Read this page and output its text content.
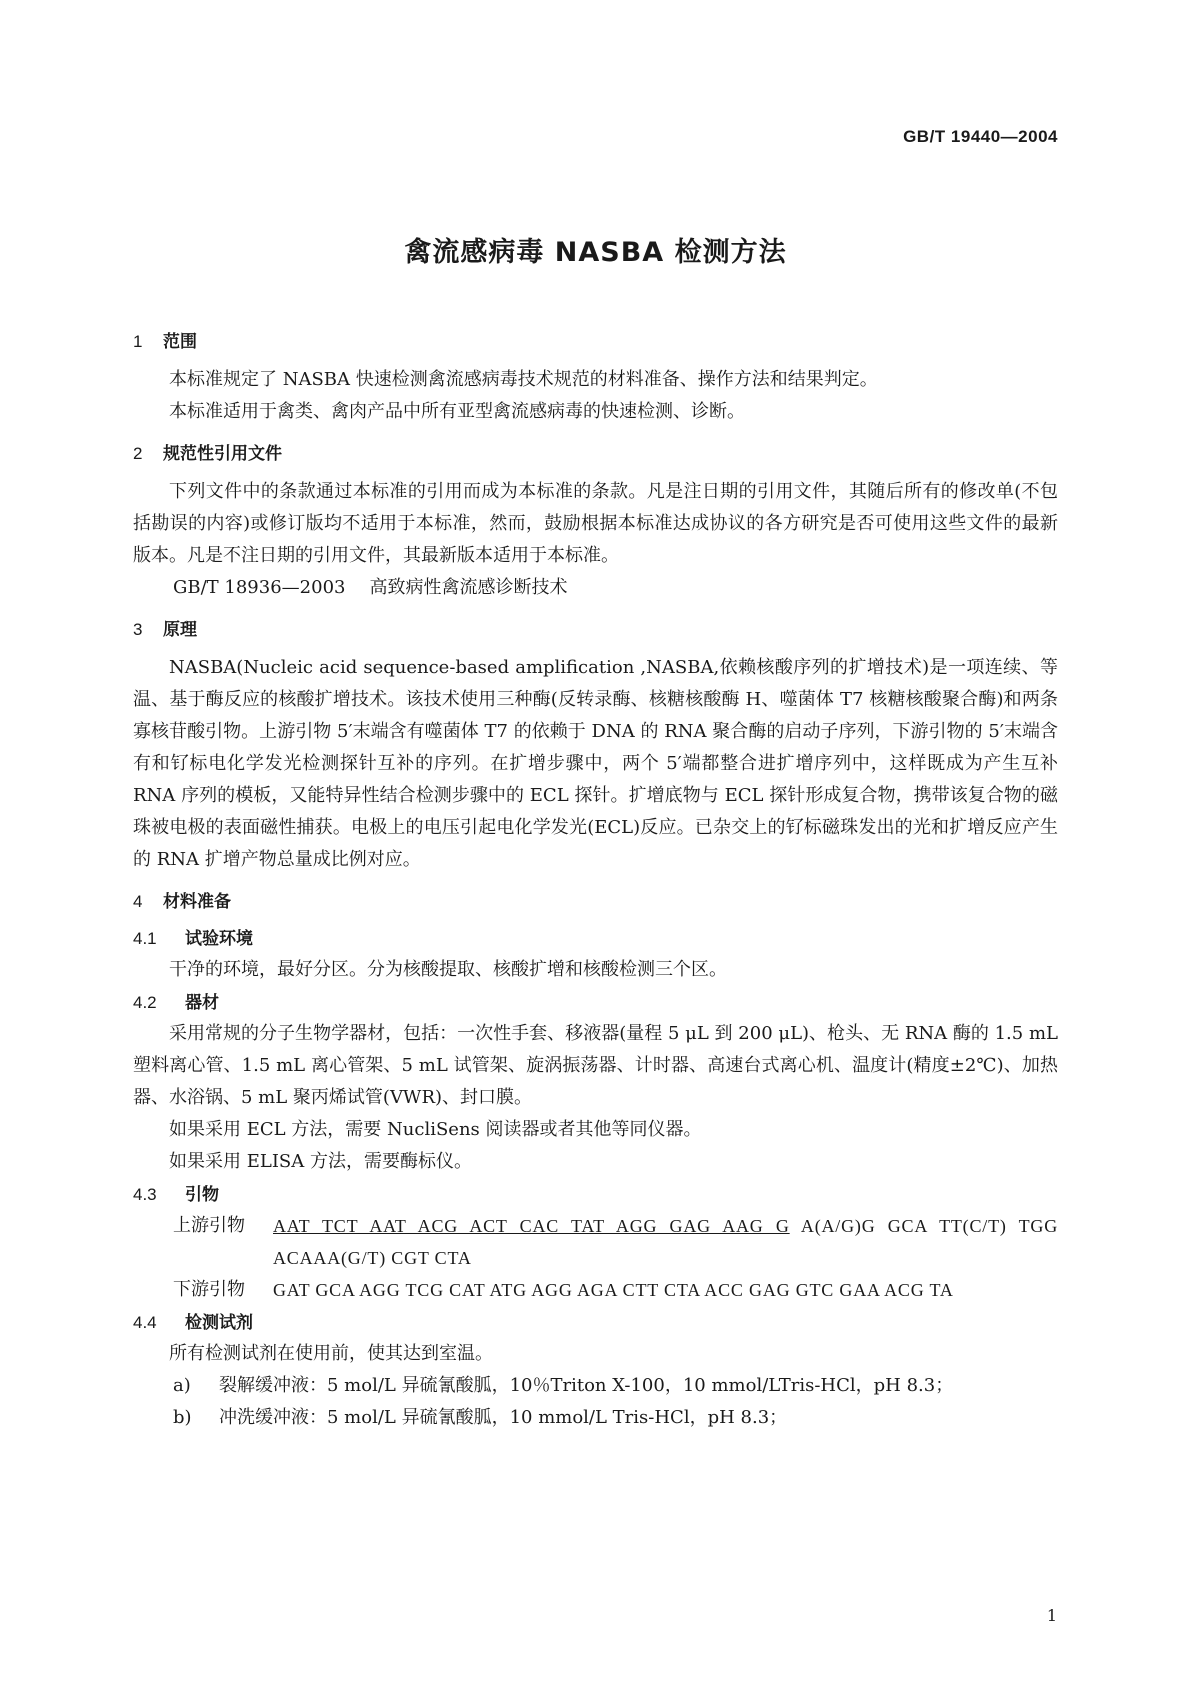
GB/T 19440—2004
禽流感病毒 NASBA 检测方法
1 范围

本标准规定了 NASBA 快速检测禽流感病毒技术规范的材料准备、操作方法和结果判定。

本标准适用于禽类、禽肉产品中所有亚型禽流感病毒的快速检测、诊断。

2 规范性引用文件

下列文件中的条款通过本标准的引用而成为本标准的条款。凡是注日期的引用文件，其随后所有的修改单(不包括勘误的内容)或修订版均不适用于本标准，然而，鼓励根据本标准达成协议的各方研究是否可使用这些文件的最新版本。凡是不注日期的引用文件，其最新版本适用于本标准。

GB/T 18936—2003 高致病性禽流感诊断技术
3 原理

NASBA(Nucleic acid sequence-based amplification ,NASBA,依赖核酸序列的扩增技术)是一项连续、等温、基于酶反应的核酸扩增技术。该技术使用三种酶(反转录酶、核糖核酸酶 H、噬菌体 T7 核糖核酸聚合酶)和两条寡核苷酸引物。上游引物 5′末端含有噬菌体 T7 的依赖于 DNA 的 RNA 聚合酶的启动子序列，下游引物的 5′末端含有和钌标电化学发光检测探针互补的序列。在扩增步骤中，两个 5′端都整合进扩增序列中，这样既成为产生互补 RNA 序列的模板，又能特异性结合检测步骤中的 ECL 探针。扩增底物与 ECL 探针形成复合物，携带该复合物的磁珠被电极的表面磁性捕获。电极上的电压引起电化学发光(ECL)反应。已杂交上的钌标磁珠发出的光和扩增反应产生的 RNA 扩增产物总量成比例对应。

4 材料准备
4.1 试验环境

干净的环境，最好分区。分为核酸提取、核酸扩增和核酸检测三个区。

4.2 器材

采用常规的分子生物学器材，包括：一次性手套、移液器(量程 5 μL 到 200 μL)、枪头、无 RNA 酶的 1.5 mL 塑料离心管、1.5 mL 离心管架、5 mL 试管架、旋涡振荡器、计时器、高速台式离心机、温度计(精度±2℃)、加热器、水浴锅、5 mL 聚丙烯试管(VWR)、封口膜。

如果采用 ECL 方法，需要 NucliSens 阅读器或者其他等同仪器。

如果采用 ELISA 方法，需要酶标仪。

4.3 引物
上游引物	AAT TCT AAT ACG ACT CAC TAT AGG GAG AAG G A(A/G)G GCA TT(C/T) TGG ACAAA(G/T) CGT CTA
下游引物	GAT GCA AGG TCG CAT ATG AGG AGA CTT CTA ACC GAG GTC GAA ACG TA
4.4 检测试剂

所有检测试剂在使用前，使其达到室温。

a)	裂解缓冲液：5 mol/L 异硫氰酸胍，10％Triton X-100，10 mmol/LTris-HCl，pH 8.3；
b)	冲洗缓冲液：5 mol/L 异硫氰酸胍，10 mmol/L Tris-HCl，pH 8.3；
1
